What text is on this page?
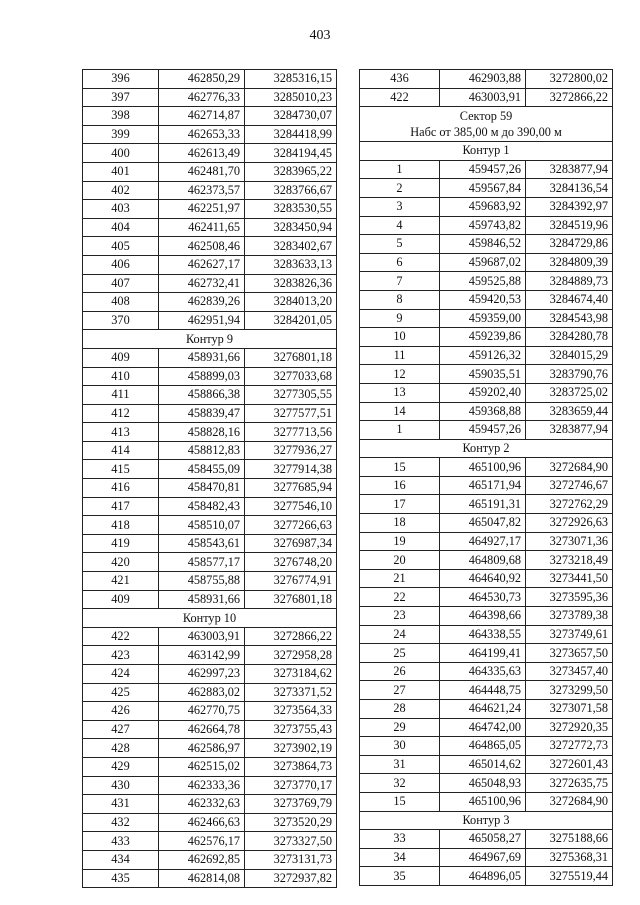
403
396	462850,29	3285316,15
397	462776,33	3285010,23
398	462714,87	3284730,07
399	462653,33	3284418,99
400	462613,49	3284194,45
401	462481,70	3283965,22
402	462373,57	3283766,67
403	462251,97	3283530,55
404	462411,65	3283450,94
405	462508,46	3283402,67
406	462627,17	3283633,13
407	462732,41	3283826,36
408	462839,26	3284013,20
370	462951,94	3284201,05
Контур 9		
409	458931,66	3276801,18
410	458899,03	3277033,68
411	458866,38	3277305,55
412	458839,47	3277577,51
413	458828,16	3277713,56
414	458812,83	3277936,27
415	458455,09	3277914,38
416	458470,81	3277685,94
417	458482,43	3277546,10
418	458510,07	3277266,63
419	458543,61	3276987,34
420	458577,17	3276748,20
421	458755,88	3276774,91
409	458931,66	3276801,18
Контур 10		
422	463003,91	3272866,22
423	463142,99	3272958,28
424	462997,23	3273184,62
425	462883,02	3273371,52
426	462770,75	3273564,33
427	462664,78	3273755,43
428	462586,97	3273902,19
429	462515,02	3273864,73
430	462333,36	3273770,17
431	462332,63	3273769,79
432	462466,63	3273520,29
433	462576,17	3273327,50
434	462692,85	3273131,73
435	462814,08	3272937,82
436	462903,88	3272800,02
422	463003,91	3272866,22

Сектор 59
Набс от 385,00 м до 390,00 м		

Контур 1		
1	459457,26	3283877,94
2	459567,84	3284136,54
3	459683,92	3284392,97
4	459743,82	3284519,96
5	459846,52	3284729,86
6	459687,02	3284809,39
7	459525,88	3284889,73
8	459420,53	3284674,40
9	459359,00	3284543,98
10	459239,86	3284280,78
11	459126,32	3284015,29
12	459035,51	3283790,76
13	459202,40	3283725,02
14	459368,88	3283659,44
1	459457,26	3283877,94
Контур 2		
15	465100,96	3272684,90
16	465171,94	3272746,67
17	465191,31	3272762,29
18	465047,82	3272926,63
19	464927,17	3273071,36
20	464809,68	3273218,49
21	464640,92	3273441,50
22	464530,73	3273595,36
23	464398,66	3273789,38
24	464338,55	3273749,61
25	464199,41	3273657,50
26	464335,63	3273457,40
27	464448,75	3273299,50
28	464621,24	3273071,58
29	464742,00	3272920,35
30	464865,05	3272772,73
31	465014,62	3272601,43
32	465048,93	3272635,75
15	465100,96	3272684,90
Контур 3		
33	465058,27	3275188,66
34	464967,69	3275368,31
35	464896,05	3275519,44
